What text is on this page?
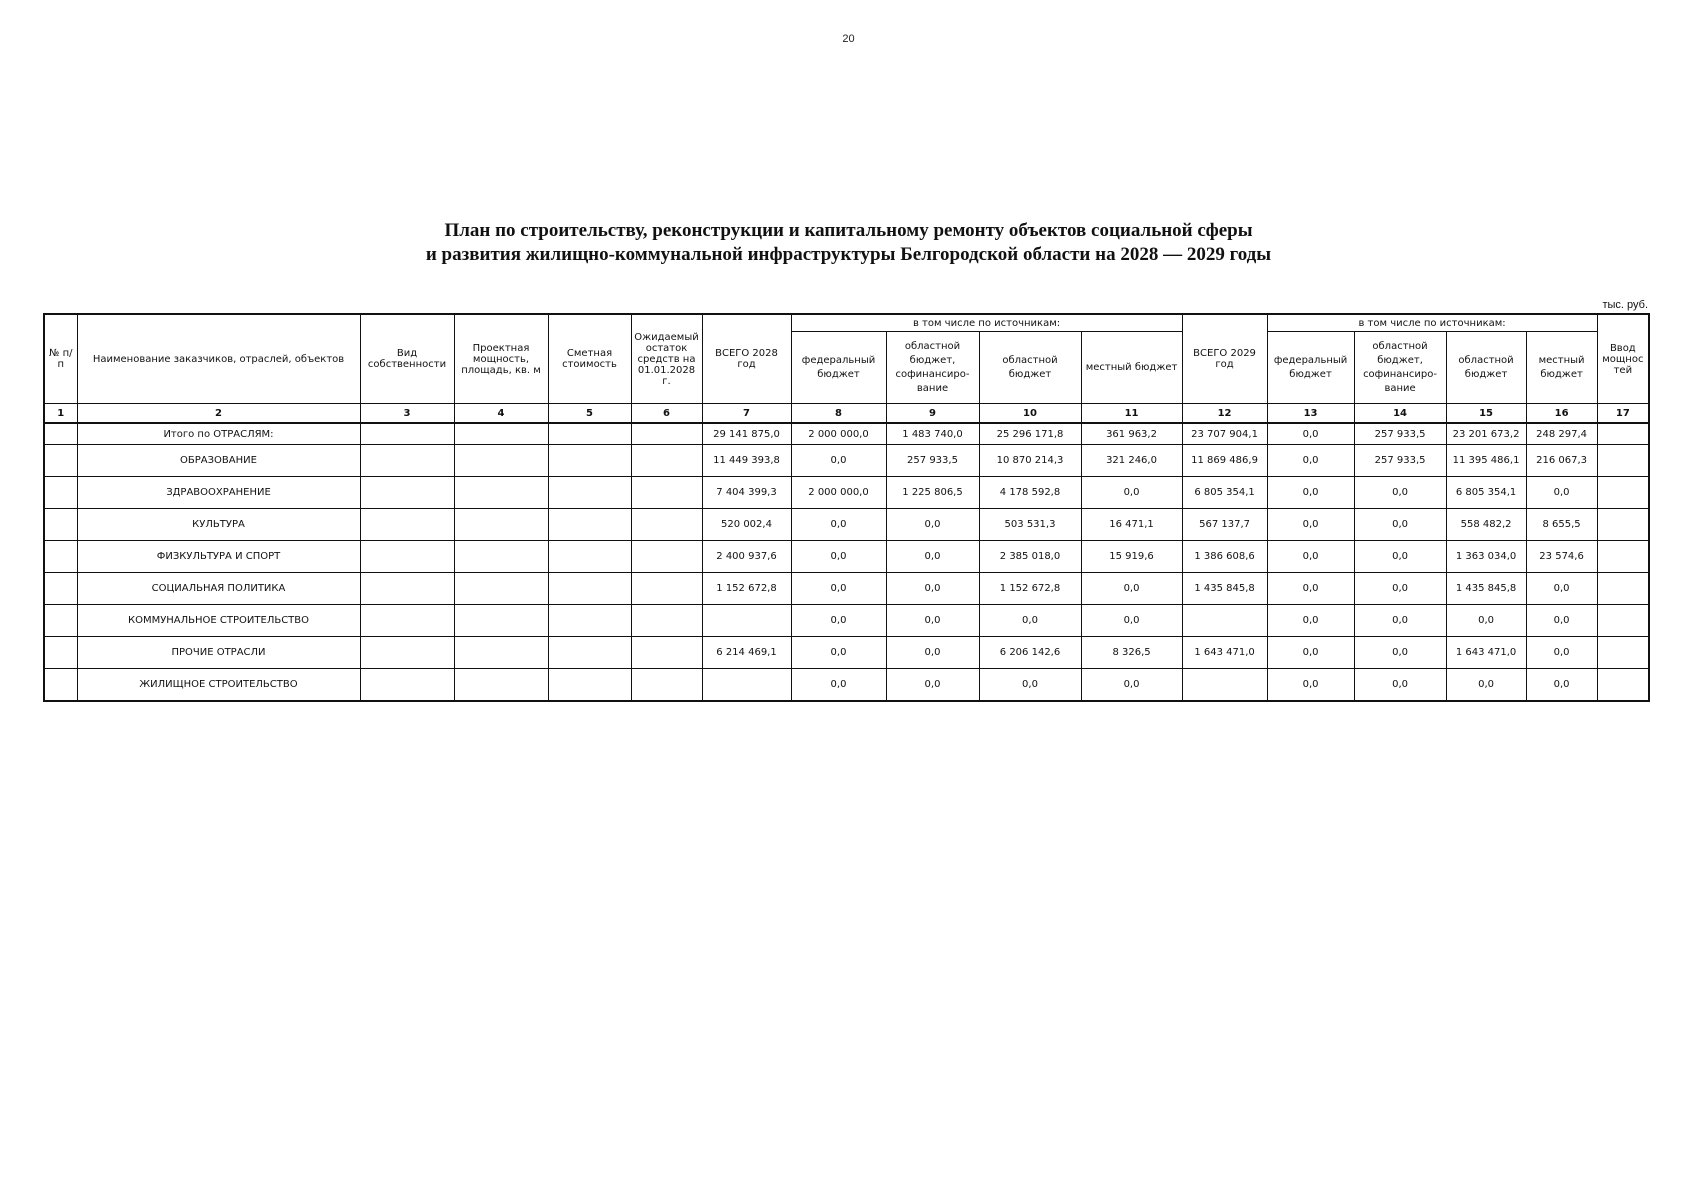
20
План по строительству, реконструкции и капитальному ремонту объектов социальной сферы
и развития жилищно-коммунальной инфраструктуры Белгородской области на 2028 — 2029 годы
тыс. руб.
№ п/п	Наименование заказчиков, отраслей, объектов	Вид собственности	Проектная мощность, площадь, кв. м	Сметная стоимость	Ожидаемый остаток средств на 01.01.2028 г.	ВСЕГО 2028 год	в том числе по источникам:				ВСЕГО 2029 год	в том числе по источникам:				Ввод мощностей
							федеральный бюджет	областной бюджет, софинансиро-вание	областной бюджет	местный бюджет		федеральный бюджет	областной бюджет, софинансиро-вание	областной бюджет	местный бюджет	
1	2	3	4	5	6	7	8	9	10	11	12	13	14	15	16	17
	Итого по ОТРАСЛЯМ:					29 141 875,0	2 000 000,0	1 483 740,0	25 296 171,8	361 963,2	23 707 904,1	0,0	257 933,5	23 201 673,2	248 297,4	
	ОБРАЗОВАНИЕ					11 449 393,8	0,0	257 933,5	10 870 214,3	321 246,0	11 869 486,9	0,0	257 933,5	11 395 486,1	216 067,3	
	ЗДРАВООХРАНЕНИЕ					7 404 399,3	2 000 000,0	1 225 806,5	4 178 592,8	0,0	6 805 354,1	0,0	0,0	6 805 354,1	0,0	
	КУЛЬТУРА					520 002,4	0,0	0,0	503 531,3	16 471,1	567 137,7	0,0	0,0	558 482,2	8 655,5	
	ФИЗКУЛЬТУРА И СПОРТ					2 400 937,6	0,0	0,0	2 385 018,0	15 919,6	1 386 608,6	0,0	0,0	1 363 034,0	23 574,6	
	СОЦИАЛЬНАЯ ПОЛИТИКА					1 152 672,8	0,0	0,0	1 152 672,8	0,0	1 435 845,8	0,0	0,0	1 435 845,8	0,0	
	КОММУНАЛЬНОЕ СТРОИТЕЛЬСТВО						0,0	0,0	0,0	0,0		0,0	0,0	0,0	0,0	
	ПРОЧИЕ ОТРАСЛИ					6 214 469,1	0,0	0,0	6 206 142,6	8 326,5	1 643 471,0	0,0	0,0	1 643 471,0	0,0	
	ЖИЛИЩНОЕ СТРОИТЕЛЬСТВО						0,0	0,0	0,0	0,0		0,0	0,0	0,0	0,0	
